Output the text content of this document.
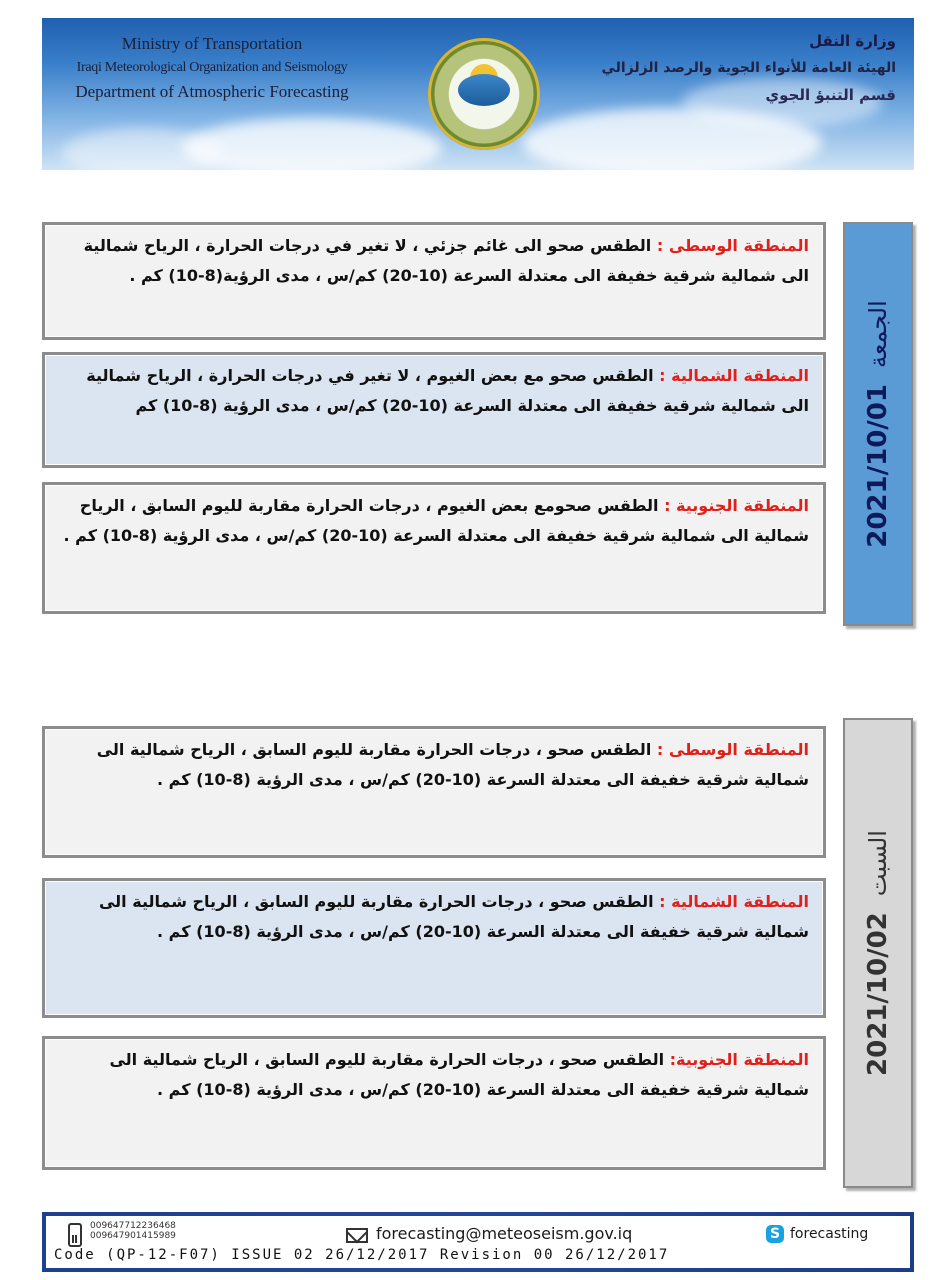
Ministry of Transportation
Iraqi Meteorological Organization and Seismology
Department of Atmospheric Forecasting
وزارة النقل
الهيئة العامة للأنواء الجوية والرصد الزلزالي
قسم التنبؤ الجوي
2021/10/01الجمعة
المنطقة الوسطى : الطقس صحو الى غائم جزئي ، لا تغير في درجات الحرارة ، الرياح شمالية الى شمالية شرقية خفيفة الى معتدلة السرعة (10-20) كم/س ، مدى الرؤية(8-10) كم .
المنطقة الشمالية : الطقس صحو مع بعض الغيوم ، لا تغير في درجات الحرارة ، الرياح شمالية الى شمالية شرقية خفيفة الى معتدلة السرعة (10-20) كم/س ، مدى الرؤية (8-10) كم
المنطقة الجنوبية : الطقس صحومع بعض الغيوم ، درجات الحرارة مقاربة لليوم السابق ، الرياح شمالية الى شمالية شرقية خفيفة الى معتدلة السرعة (10-20) كم/س ، مدى الرؤية (8-10) كم .
2021/10/02السبت
المنطقة الوسطى : الطقس صحو ، درجات الحرارة مقاربة لليوم السابق ، الرياح شمالية الى شمالية شرقية خفيفة الى معتدلة السرعة (10-20) كم/س ، مدى الرؤية (8-10) كم .
المنطقة الشمالية : الطقس صحو ، درجات الحرارة مقاربة لليوم السابق ، الرياح شمالية الى شمالية شرقية خفيفة الى معتدلة السرعة (10-20) كم/س ، مدى الرؤية (8-10) كم .
المنطقة الجنوبية: الطقس صحو ، درجات الحرارة مقاربة لليوم السابق ، الرياح شمالية الى شمالية شرقية خفيفة الى معتدلة السرعة (10-20) كم/س ، مدى الرؤية (8-10) كم .
009647712236468
009647901415989	forecasting@meteoseism.gov.iq	S forecasting
Code (QP-12-F07) ISSUE 02 26/12/2017 Revision 00 26/12/2017
